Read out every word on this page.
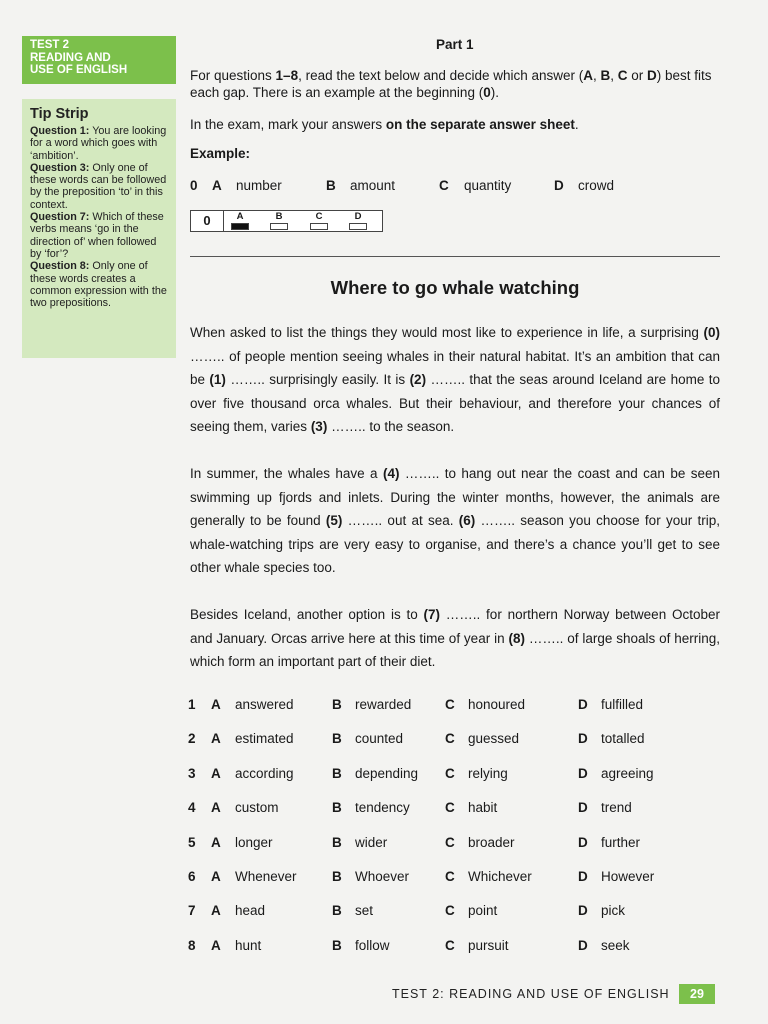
TEST 2
READING AND
USE OF ENGLISH
Tip Strip
Question 1: You are looking for a word which goes with ‘ambition’.
Question 3: Only one of these words can be followed by the preposition ‘to’ in this context.
Question 7: Which of these verbs means ‘go in the direction of’ when followed by ‘for’?
Question 8: Only one of these words creates a common expression with the two prepositions.
Part 1
For questions 1–8, read the text below and decide which answer (A, B, C or D) best fits each gap. There is an example at the beginning (0).
In the exam, mark your answers on the separate answer sheet.
Example:
0 A number	B amount	C quantity	D crowd
0	A	B	C	D
Where to go whale watching
When asked to list the things they would most like to experience in life, a surprising (0) …….. of people mention seeing whales in their natural habitat. It’s an ambition that can be (1) …….. surprisingly easily. It is (2) …….. that the seas around Iceland are home to over five thousand orca whales. But their behaviour, and therefore your chances of seeing them, varies (3) …….. to the season.
In summer, the whales have a (4) …….. to hang out near the coast and can be seen swimming up fjords and inlets. During the winter months, however, the animals are generally to be found (5) …….. out at sea. (6) …….. season you choose for your trip, whale-watching trips are very easy to organise, and there’s a chance you’ll get to see other whale species too.
Besides Iceland, another option is to (7) …….. for northern Norway between October and January. Orcas arrive here at this time of year in (8) …….. of large shoals of herring, which form an important part of their diet.
1 A answered	B rewarded C honoured	D fulfilled
2 A estimated	B counted	C guessed	D totalled
3 A according	B depending C relying	D agreeing
4 A custom	B tendency	C habit	D trend
5 A longer	B wider	C broader	D further
6 A Whenever	B Whoever	C Whichever	D However
7 A head	B set	C point	D pick
8 A hunt	B follow	C pursuit	D seek
TEST 2: READING AND USE OF ENGLISH	29
